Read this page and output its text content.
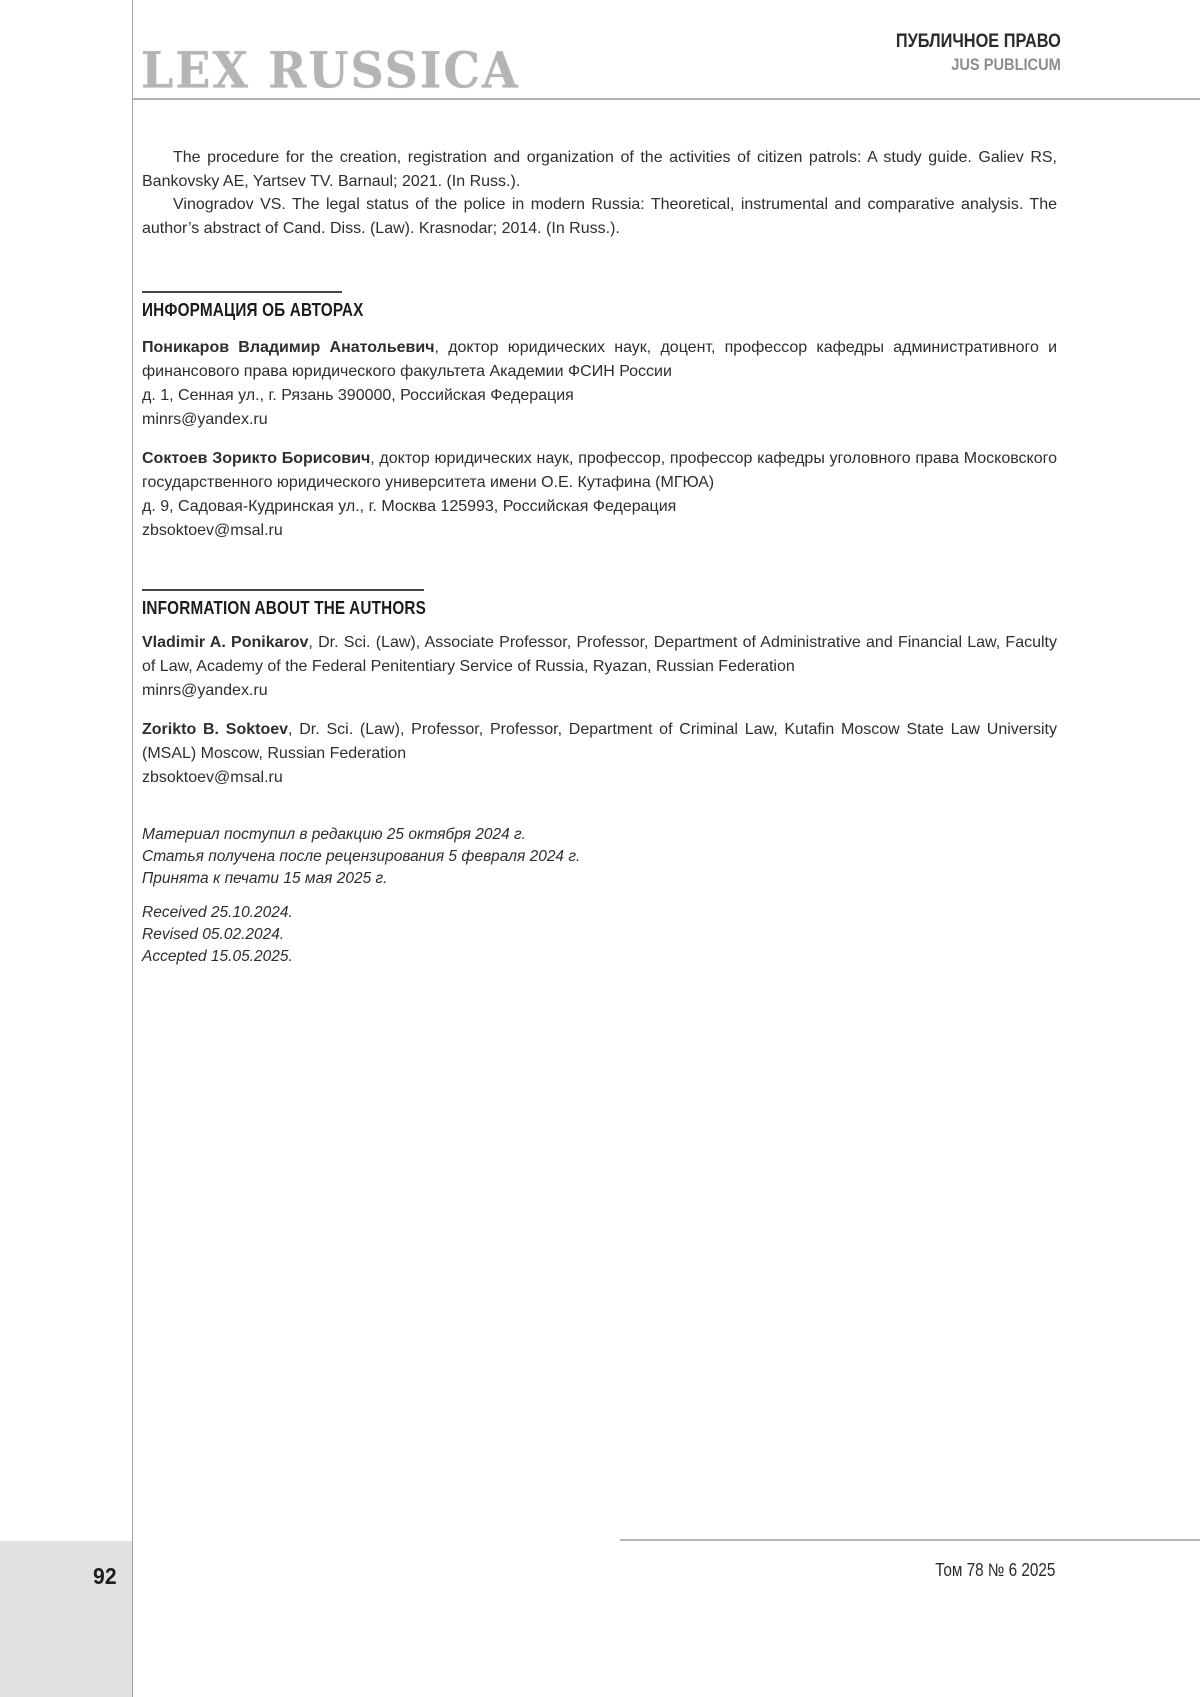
LEX RUSSICA	ПУБЛИЧНОЕ ПРАВО
JUS PUBLICUM

The procedure for the creation, registration and organization of the activities of citizen patrols: A study guide. Galiev RS, Bankovsky AE, Yartsev TV. Barnaul; 2021. (In Russ.).

Vinogradov VS. The legal status of the police in modern Russia: Theoretical, instrumental and comparative analysis. The author’s abstract of Cand. Diss. (Law). Krasnodar; 2014. (In Russ.).

ИНФОРМАЦИЯ ОБ АВТОРАХ

Поникаров Владимир Анатольевич, доктор юридических наук, доцент, профессор кафедры административного и финансового права юридического факультета Академии ФСИН России
д. 1, Сенная ул., г. Рязань 390000, Российская Федерация
minrs@yandex.ru

Соктоев Зорикто Борисович, доктор юридических наук, профессор, профессор кафедры уголовного права Московского государственного юридического университета имени О.Е. Кутафина (МГЮА)
д. 9, Садовая-Кудринская ул., г. Москва 125993, Российская Федерация
zbsoktoev@msal.ru

INFORMATION ABOUT THE AUTHORS

Vladimir A. Ponikarov, Dr. Sci. (Law), Associate Professor, Professor, Department of Administrative and Financial Law, Faculty of Law, Academy of the Federal Penitentiary Service of Russia, Ryazan, Russian Federation
minrs@yandex.ru

Zorikto B. Soktoev, Dr. Sci. (Law), Professor, Professor, Department of Criminal Law, Kutafin Moscow State Law University (MSAL) Moscow, Russian Federation
zbsoktoev@msal.ru

Материал поступил в редакцию 25 октября 2024 г.
Статья получена после рецензирования 5 февраля 2024 г.
Принята к печати 15 мая 2025 г.
Received 25.10.2024.
Revised 05.02.2024.
Accepted 15.05.2025.
Том 78 № 6 2025
92
